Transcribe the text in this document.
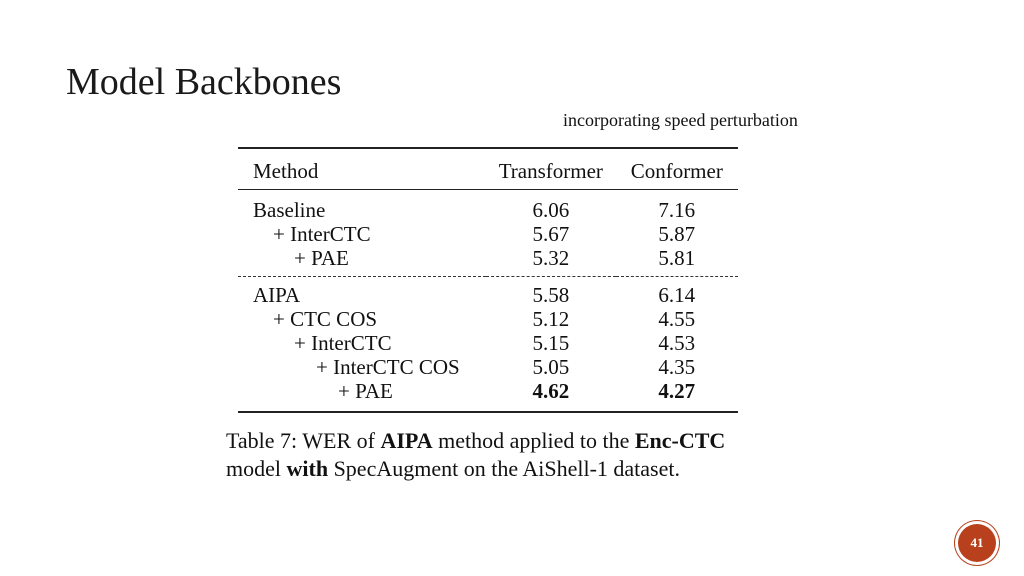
Model Backbones
incorporating speed perturbation
Method	Transformer	Conformer
Baseline	6.06	7.16
+ InterCTC	5.67	5.87
+ PAE	5.32	5.81

AIPA	5.58	6.14
+ CTC COS	5.12	4.55
+ InterCTC	5.15	4.53
+ InterCTC COS	5.05	4.35
+ PAE	4.62	4.27
Table 7: WER of AIPA method applied to the Enc-CTC model with SpecAugment on the AiShell-1 dataset.
41
